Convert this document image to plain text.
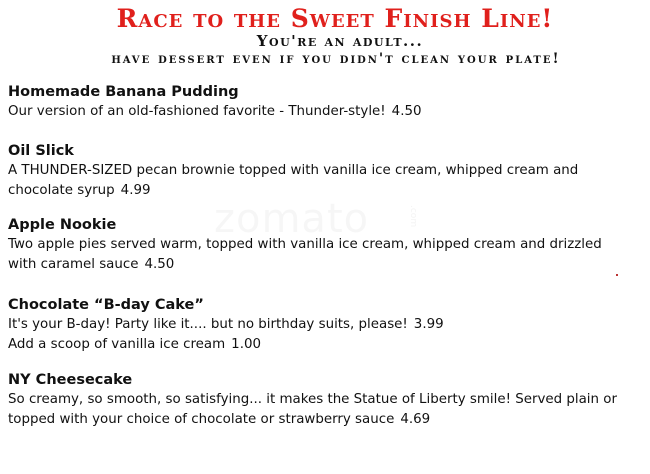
.com
Race to the Sweet Finish Line!
You're an adult...
have dessert even if you didn't clean your plate!
Homemade Banana Pudding
Our version of an old-fashioned favorite - Thunder-style! 4.50
Oil Slick
A THUNDER-SIZED pecan brownie topped with vanilla ice cream, whipped cream and
chocolate syrup 4.99
Apple Nookie
Two apple pies served warm, topped with vanilla ice cream, whipped cream and drizzled
with caramel sauce 4.50
Chocolate “B-day Cake”
It's your B-day! Party like it.... but no birthday suits, please! 3.99
Add a scoop of vanilla ice cream 1.00
NY Cheesecake
So creamy, so smooth, so satisfying... it makes the Statue of Liberty smile! Served plain or
topped with your choice of chocolate or strawberry sauce 4.69
